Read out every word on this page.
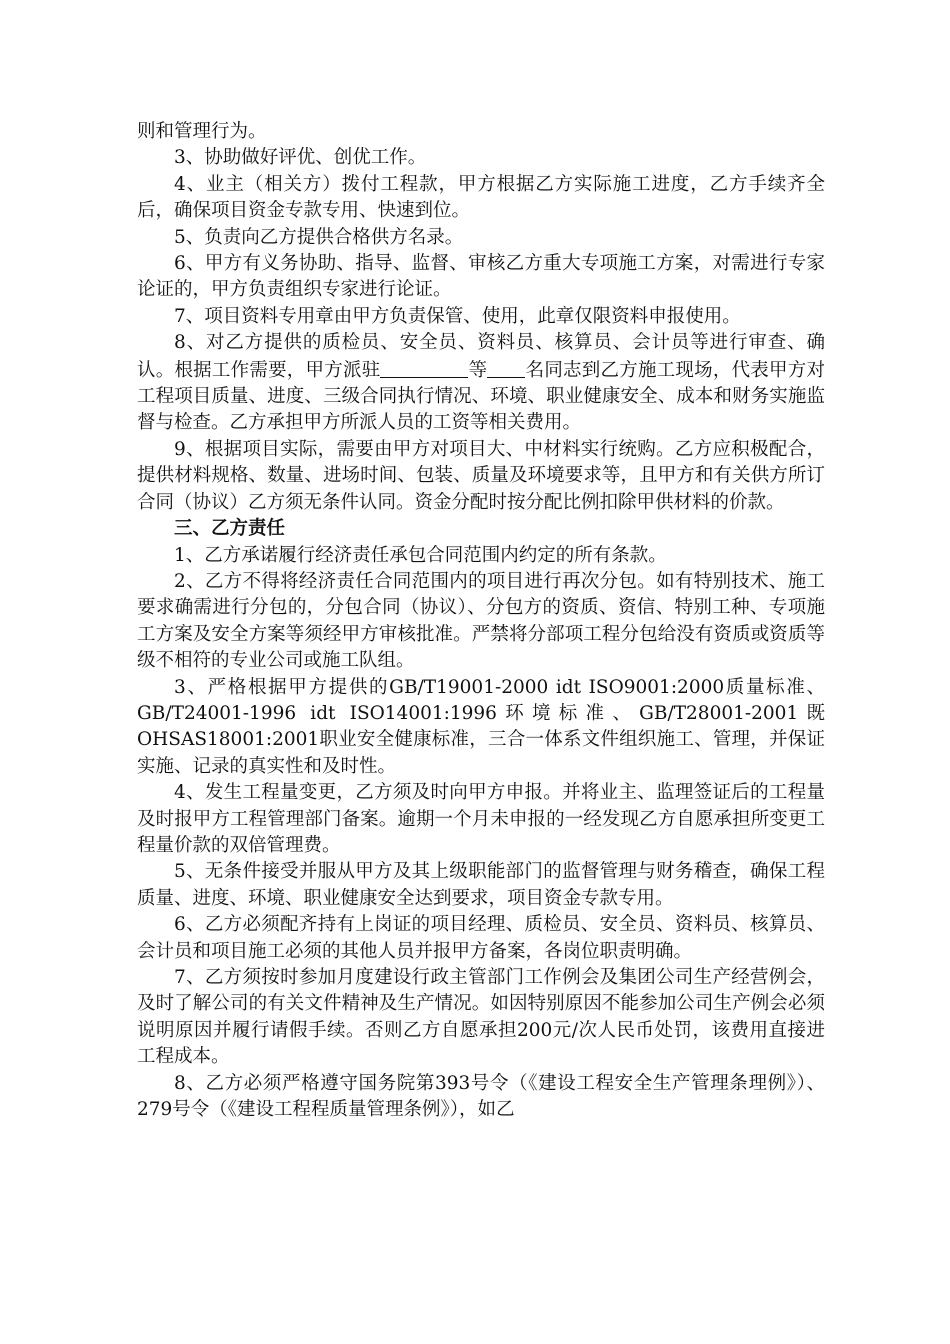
则和管理行为。

3、协助做好评优、创优工作。

4、业主（相关方）拨付工程款，甲方根据乙方实际施工进度，乙方手续齐全后，确保项目资金专款专用、快速到位。

5、负责向乙方提供合格供方名录。

6、甲方有义务协助、指导、监督、审核乙方重大专项施工方案，对需进行专家论证的，甲方负责组织专家进行论证。

7、项目资料专用章由甲方负责保管、使用，此章仅限资料申报使用。

8、对乙方提供的质检员、安全员、资料员、核算员、会计员等进行审查、确认。根据工作需要，甲方派驻	等 名同志到乙方施工现场，代表甲方对工程项目质量、进度、三级合同执行情况、环境、职业健康安全、成本和财务实施监督与检查。乙方承担甲方所派人员的工资等相关费用。

9、根据项目实际，需要由甲方对项目大、中材料实行统购。乙方应积极配合，提供材料规格、数量、进场时间、包装、质量及环境要求等，且甲方和有关供方所订合同（协议）乙方须无条件认同。资金分配时按分配比例扣除甲供材料的价款。

三、乙方责任

1、乙方承诺履行经济责任承包合同范围内约定的所有条款。

2、乙方不得将经济责任合同范围内的项目进行再次分包。如有特别技术、施工要求确需进行分包的，分包合同（协议）、分包方的资质、资信、特别工种、专项施工方案及安全方案等须经甲方审核批准。严禁将分部项工程分包给没有资质或资质等级不相符的专业公司或施工队组。

3、严格根据甲方提供的GB/T19001-2000 idt ISO9001:2000质量标准、GB/T24001-1996 idt ISO14001:1996环境标准、GB/T28001-2001既OHSAS18001:2001职业安全健康标准，三合一体系文件组织施工、管理，并保证实施、记录的真实性和及时性。

4、发生工程量变更，乙方须及时向甲方申报。并将业主、监理签证后的工程量及时报甲方工程管理部门备案。逾期一个月未申报的一经发现乙方自愿承担所变更工程量价款的双倍管理费。

5、无条件接受并服从甲方及其上级职能部门的监督管理与财务稽查，确保工程质量、进度、环境、职业健康安全达到要求，项目资金专款专用。

6、乙方必须配齐持有上岗证的项目经理、质检员、安全员、资料员、核算员、会计员和项目施工必须的其他人员并报甲方备案，各岗位职责明确。

7、乙方须按时参加月度建设行政主管部门工作例会及集团公司生产经营例会，及时了解公司的有关文件精神及生产情况。如因特别原因不能参加公司生产例会必须说明原因并履行请假手续。否则乙方自愿承担200元/次人民币处罚，该费用直接进工程成本。

8、乙方必须严格遵守国务院第393号令（《建设工程安全生产管理条理例》）、279号令（《建设工程程质量管理条例》），如乙
